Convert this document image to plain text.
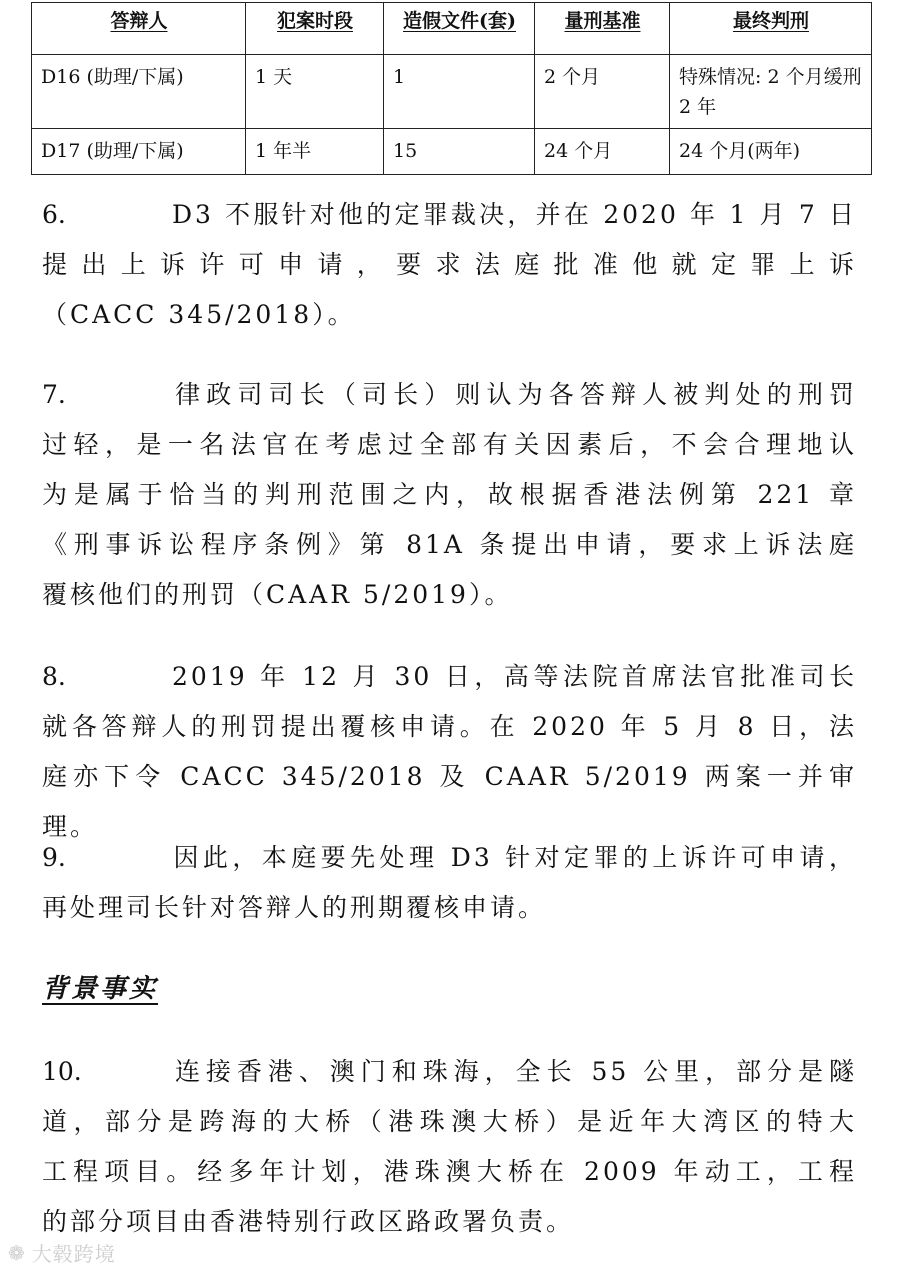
答辩人	犯案时段	造假文件(套)	量刑基准	最终判刑
D16 (助理/下属)	1 天	1	2 个月	特殊情况: 2 个月缓刑 2 年
D17 (助理/下属)	1 年半	15	24 个月	24 个月(两年)
6.	D3 不服针对他的定罪裁决，并在 2020 年 1 月 7 日
提出上诉许可申请，要求法庭批准他就定罪上诉
（CACC 345/2018）。
7.	律政司司长（司长）则认为各答辩人被判处的刑罚
过轻，是一名法官在考虑过全部有关因素后，不会合理地认
为是属于恰当的判刑范围之内，故根据香港法例第 221 章
《刑事诉讼程序条例》第 81A 条提出申请，要求上诉法庭
覆核他们的刑罚（CAAR 5/2019）。
8.	2019 年 12 月 30 日，高等法院首席法官批准司长
就各答辩人的刑罚提出覆核申请。在 2020 年 5 月 8 日，法
庭亦下令 CACC 345/2018 及 CAAR 5/2019 两案一并审理。
9.	因此，本庭要先处理 D3 针对定罪的上诉许可申请，
再处理司长针对答辩人的刑期覆核申请。
背景事实
10.	连接香港、澳门和珠海，全长 55 公里，部分是隧
道，部分是跨海的大桥（港珠澳大桥）是近年大湾区的特大
工程项目。经多年计划，港珠澳大桥在 2009 年动工，工程
的部分项目由香港特别行政区路政署负责。
❁ 大毂跨境
